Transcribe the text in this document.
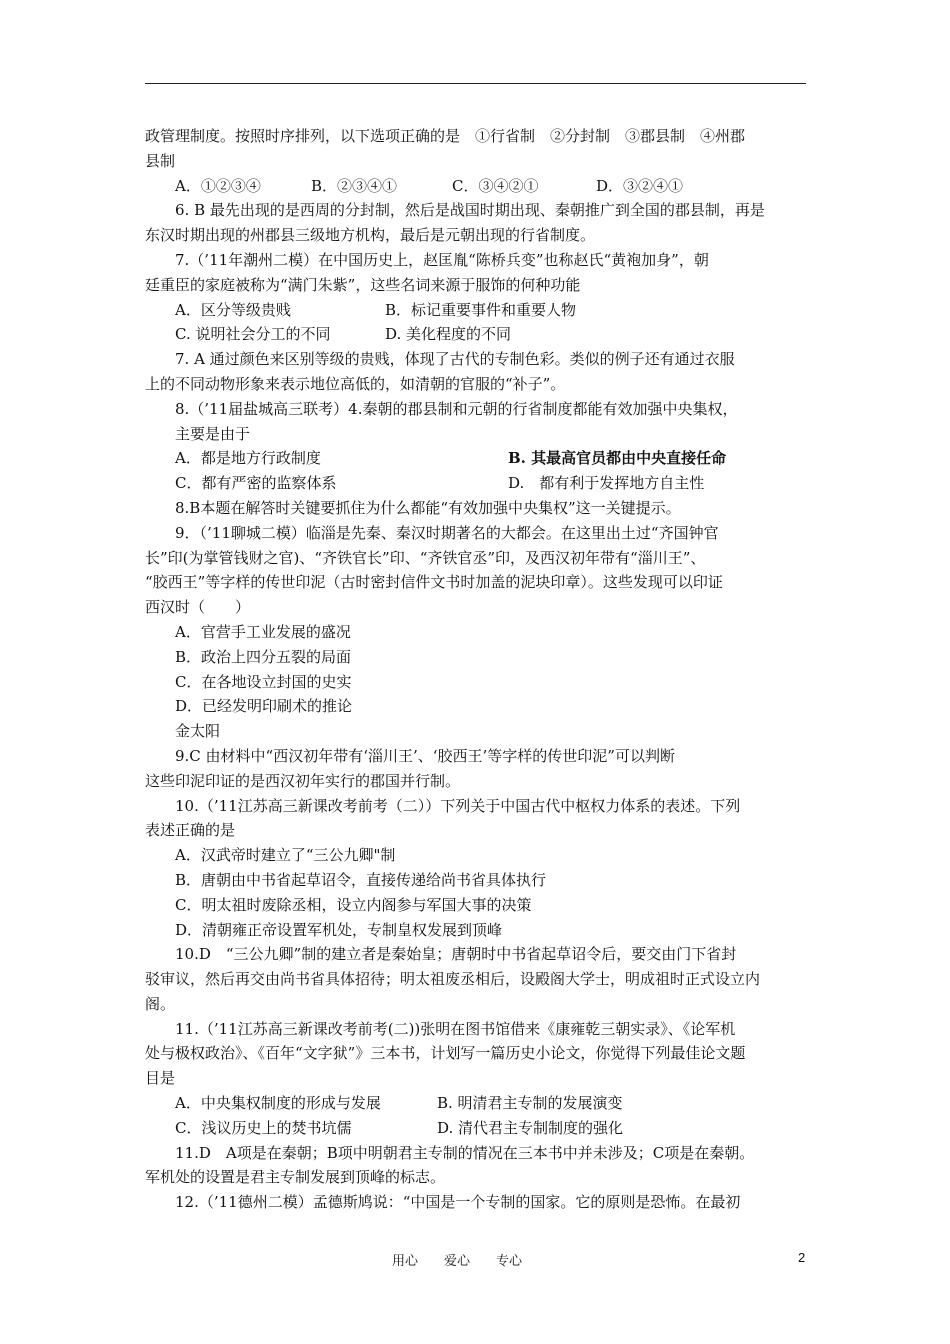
政管理制度。按照时序排列，以下选项正确的是　①行省制　②分封制　③郡县制　④州郡

县制

A．①②③④	B．②③④①	C．③④②①	D．③②④①

6. B 最先出现的是西周的分封制，然后是战国时期出现、秦朝推广到全国的郡县制，再是

东汉时期出现的州郡县三级地方机构，最后是元朝出现的行省制度。

7.（’11年潮州二模）在中国历史上，赵匡胤“陈桥兵变”也称赵氏“黄袍加身”，朝

廷重臣的家庭被称为“满门朱紫”，这些名词来源于服饰的何种功能

A．区分等级贵贱	B．标记重要事件和重要人物
C. 说明社会分工的不同	D. 美化程度的不同

7. A 通过颜色来区别等级的贵贱，体现了古代的专制色彩。类似的例子还有通过衣服

上的不同动物形象来表示地位高低的，如清朝的官服的“补子”。

8.（’11届盐城高三联考）4.秦朝的郡县制和元朝的行省制度都能有效加强中央集权，

主要是由于

A．都是地方行政制度	B. 其最高官员都由中央直接任命
C．都有严密的监察体系	D.　都有利于发挥地方自主性

8.B本题在解答时关键要抓住为什么都能“有效加强中央集权”这一关键提示。

9．（’11聊城二模）临淄是先秦、秦汉时期著名的大都会。在这里出土过“齐国钟官

长”印(为掌管钱财之官)、“齐铁官长”印、“齐铁官丞”印，及西汉初年带有“淄川王”、

“胶西王”等字样的传世印泥（古时密封信件文书时加盖的泥块印章）。这些发现可以印证

西汉时（　　）

A．官营手工业发展的盛况

B．政治上四分五裂的局面

C．在各地设立封国的史实

D．已经发明印刷术的推论

金太阳

9.C 由材料中“西汉初年带有‘淄川王’、‘胶西王’等字样的传世印泥”可以判断

这些印泥印证的是西汉初年实行的郡国并行制。

10.（’11江苏高三新课改考前考（二））下列关于中国古代中枢权力体系的表述。下列

表述正确的是

A．汉武帝时建立了“三公九卿"制

B．唐朝由中书省起草诏令，直接传递给尚书省具体执行

C．明太祖时废除丞相，设立内阁参与军国大事的决策

D．清朝雍正帝设置军机处，专制皇权发展到顶峰

10.D　“三公九卿”制的建立者是秦始皇；唐朝时中书省起草诏令后，要交由门下省封

驳审议，然后再交由尚书省具体招待；明太祖废丞相后，设殿阁大学士，明成祖时正式设立内

阁。

11.（’11江苏高三新课改考前考(二))张明在图书馆借来《康雍乾三朝实录》、《论军机

处与极权政治》、《百年“文字狱”》三本书，计划写一篇历史小论文，你觉得下列最佳论文题

目是

A．中央集权制度的形成与发展	B. 明清君主专制的发展演变
C．浅议历史上的焚书坑儒	D. 清代君主专制制度的强化

11.D　A项是在秦朝；B项中明朝君主专制的情况在三本书中并未涉及；C项是在秦朝。

军机处的设置是君主专制发展到顶峰的标志。

12.（’11德州二模）孟德斯鸠说：“中国是一个专制的国家。它的原则是恐怖。在最初

用心　　爱心　　专心	2
